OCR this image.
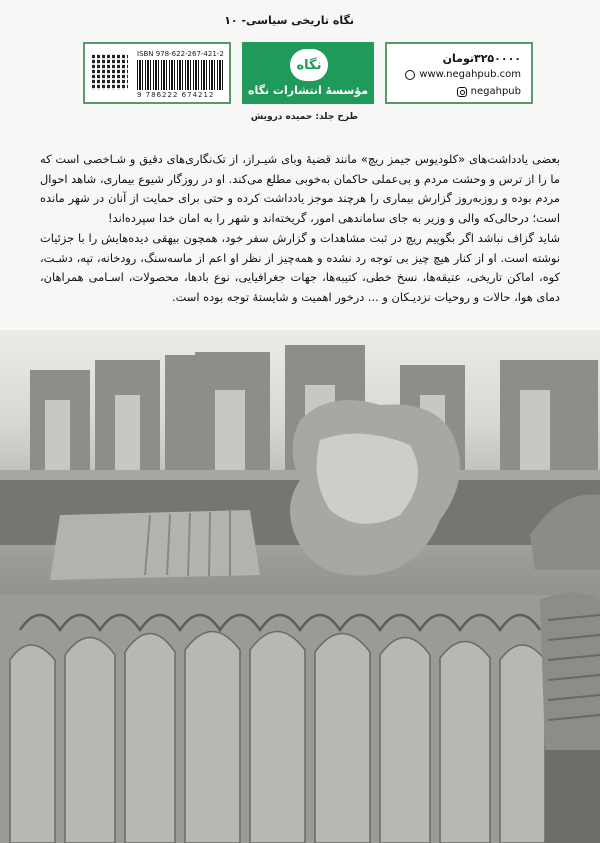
نگاه تاریخی سیاسی- ۱۰
ISBN 978-622-267-421-2
9 786222 674212
نگاه
مؤسسهٔ انتشارات نگاه
۳۲۵۰۰۰۰تومان
www.negahpub.com
negahpub
طرح جلد: حمیده درویش

بعضی یادداشت‌های «کلودیوس جیمز ریچ» مانند قضیهٔ وبای شیـراز، از تک‌نگاری‌های دقیق و شـاخصی است که ما را از ترس و وحشت مردم و بی‌عملی حاکمان به‌خوبی مطلع می‌کند. او در روزگار شیوع بیماری، شاهد احوال مردم بوده و روزبه‌روز گزارش بیماری را هرچند موجز یادداشت کرده و حتی برای حمایت از آنان در شهر مانده است؛ درحالی‌که والی و وزیر به جای ساماندهی امور، گریخته‌اند و شهر را به امان خدا سپرده‌اند!

شاید گزاف نباشد اگر بگوییم ریچ در ثبت مشاهدات و گزارش سفر خود، همچون بیهقی دیده‌هایش را با جزئیات نوشته است. او از کنار هیچ چیز بی توجه رد نشده و همه‌چیز از نظر او اعم از ماسه‌سنگ، رودخانه، تپه، دشـت، کوه، اماکن تاریخی، عتیقه‌ها، نسخ خطی، کتیبه‌ها، جهات جغرافیایی، نوع بادها، محصولات، اسـامی همراهان، دمای هوا، حالات و روحیات نزدیـکان و ... درخور اهمیت و شایستهٔ توجه بوده است.
